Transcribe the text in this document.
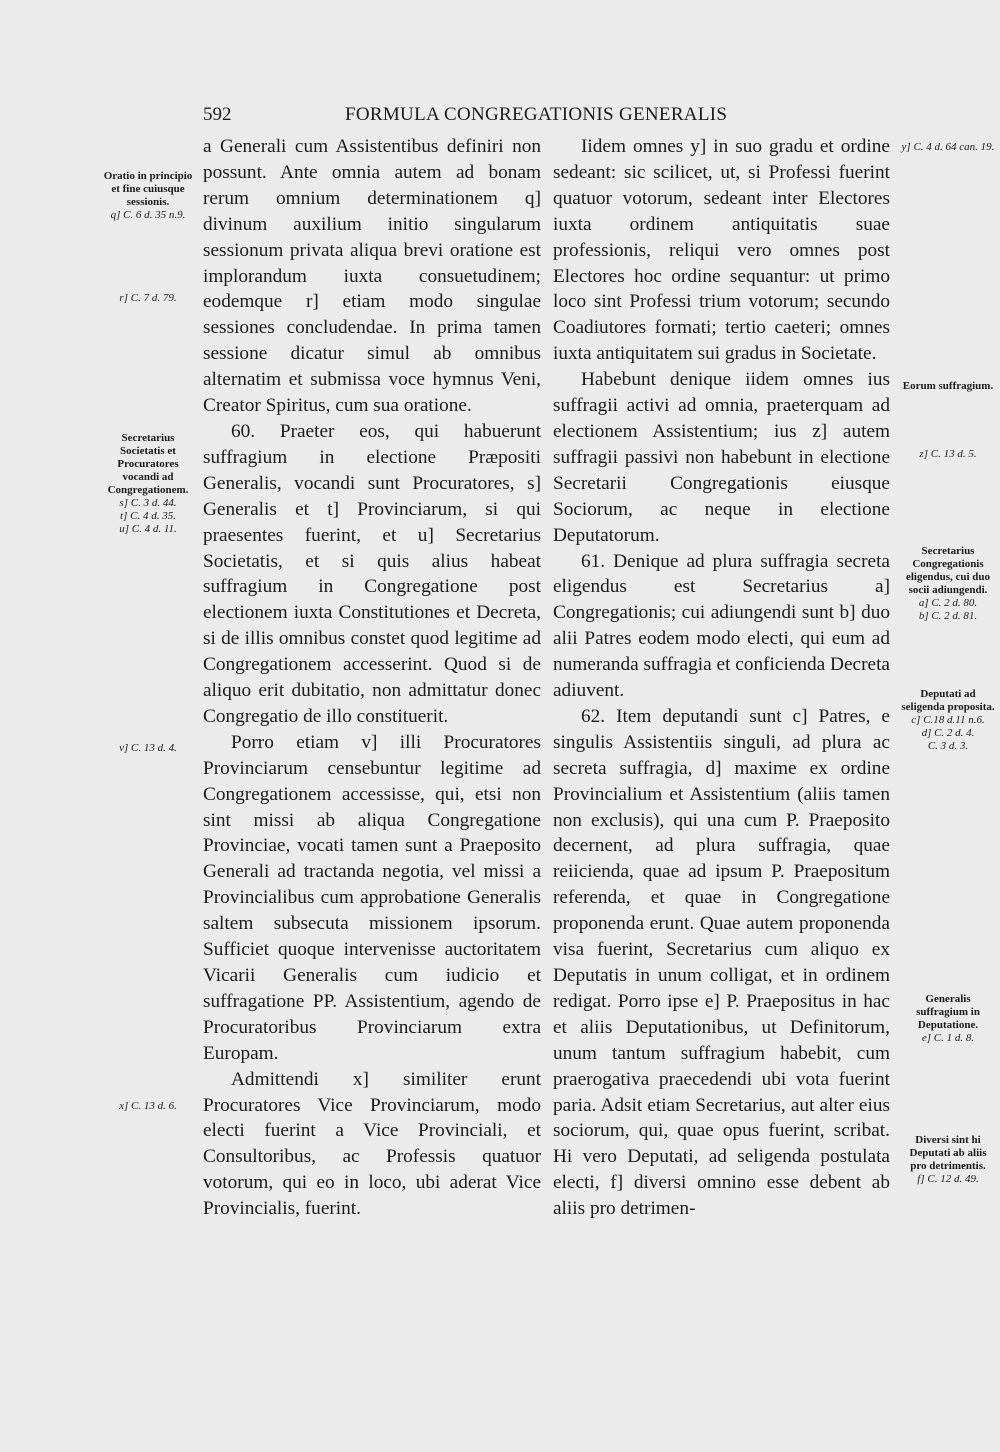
592	FORMULA CONGREGATIONIS GENERALIS

a Generali cum Assistentibus definiri non possunt. Ante omnia autem ad bonam rerum omnium determinationem q] divinum auxilium initio singularum sessionum privata aliqua brevi oratione est implorandum iuxta consuetudinem; eodemque r] etiam modo singulae sessiones concludendae. In prima tamen sessione dicatur simul ab omnibus alternatim et submissa voce hymnus Veni, Creator Spiritus, cum sua oratione.

60. Praeter eos, qui habuerunt suffragium in electione Præpositi Generalis, vocandi sunt Procuratores, s] Generalis et t] Provinciarum, si qui praesentes fuerint, et u] Secretarius Societatis, et si quis alius habeat suffragium in Congregatione post electionem iuxta Constitutiones et Decreta, si de illis omnibus constet quod legitime ad Congregationem accesserint. Quod si de aliquo erit dubitatio, non admittatur donec Congregatio de illo constituerit.

Porro etiam v] illi Procuratores Provinciarum censebuntur legitime ad Congregationem accessisse, qui, etsi non sint missi ab aliqua Congregatione Provinciae, vocati tamen sunt a Praeposito Generali ad tractanda negotia, vel missi a Provincialibus cum approbatione Generalis saltem subsecuta missionem ipsorum. Sufficiet quoque intervenisse auctoritatem Vicarii Generalis cum iudicio et suffragatione PP. Assistentium, agendo de Procuratoribus Provinciarum extra Europam.

Admittendi x] similiter erunt Procuratores Vice Provinciarum, modo electi fuerint a Vice Provinciali, et Consultoribus, ac Professis quatuor votorum, qui eo in loco, ubi aderat Vice Provincialis, fuerint.

Iidem omnes y] in suo gradu et ordine sedeant: sic scilicet, ut, si Professi fuerint quatuor votorum, sedeant inter Electores iuxta ordinem antiquitatis suae professionis, reliqui vero omnes post Electores hoc ordine sequantur: ut primo loco sint Professi trium votorum; secundo Coadiutores formati; tertio caeteri; omnes iuxta antiquitatem sui gradus in Societate.

Habebunt denique iidem omnes ius suffragii activi ad omnia, praeterquam ad electionem Assistentium; ius z] autem suffragii passivi non habebunt in electione Secretarii Congregationis eiusque Sociorum, ac neque in electione Deputatorum.

61. Denique ad plura suffragia secreta eligendus est Secretarius a] Congregationis; cui adiungendi sunt b] duo alii Patres eodem modo electi, qui eum ad numeranda suffragia et conficienda Decreta adiuvent.

62. Item deputandi sunt c] Patres, e singulis Assistentiis singuli, ad plura ac secreta suffragia, d] maxime ex ordine Provincialium et Assistentium (aliis tamen non exclusis), qui una cum P. Praeposito decernent, ad plura suffragia, quae reiicienda, quae ad ipsum P. Praepositum referenda, et quae in Congregatione proponenda erunt. Quae autem proponenda visa fuerint, Secretarius cum aliquo ex Deputatis in unum colligat, et in ordinem redigat. Porro ipse e] P. Praepositus in hac et aliis Deputationibus, ut Definitorum, unum tantum suffragium habebit, cum praerogativa praecedendi ubi vota fuerint paria. Adsit etiam Secretarius, aut alter eius sociorum, qui, quae opus fuerint, scribat. Hi vero Deputati, ad seligenda postulata electi, f] diversi omnino esse debent ab aliis pro detrimen-

Oratio in principio et fine cuiusque sessionis.
q] C. 6 d. 35 n.9.
r] C. 7 d. 79.
Secretarius Societatis et Procuratores vocandi ad Congregationem.
s] C. 3 d. 44.
t] C. 4 d. 35.
u] C. 4 d. 11.
v] C. 13 d. 4.
x] C. 13 d. 6.
y] C. 4 d. 64 can. 19.
Eorum suffragium.
z] C. 13 d. 5.
Secretarius Congregationis eligendus, cui duo socii adiungendi.
a] C. 2 d. 80.
b] C. 2 d. 81.
Deputati ad seligenda proposita.
c] C.18 d.11 n.6.
d] C. 2 d. 4.
C. 3 d. 3.
Generalis suffragium in Deputatione.
e] C. 1 d. 8.
Diversi sint hi Deputati ab aliis pro detrimentis.
f] C. 12 d. 49.
